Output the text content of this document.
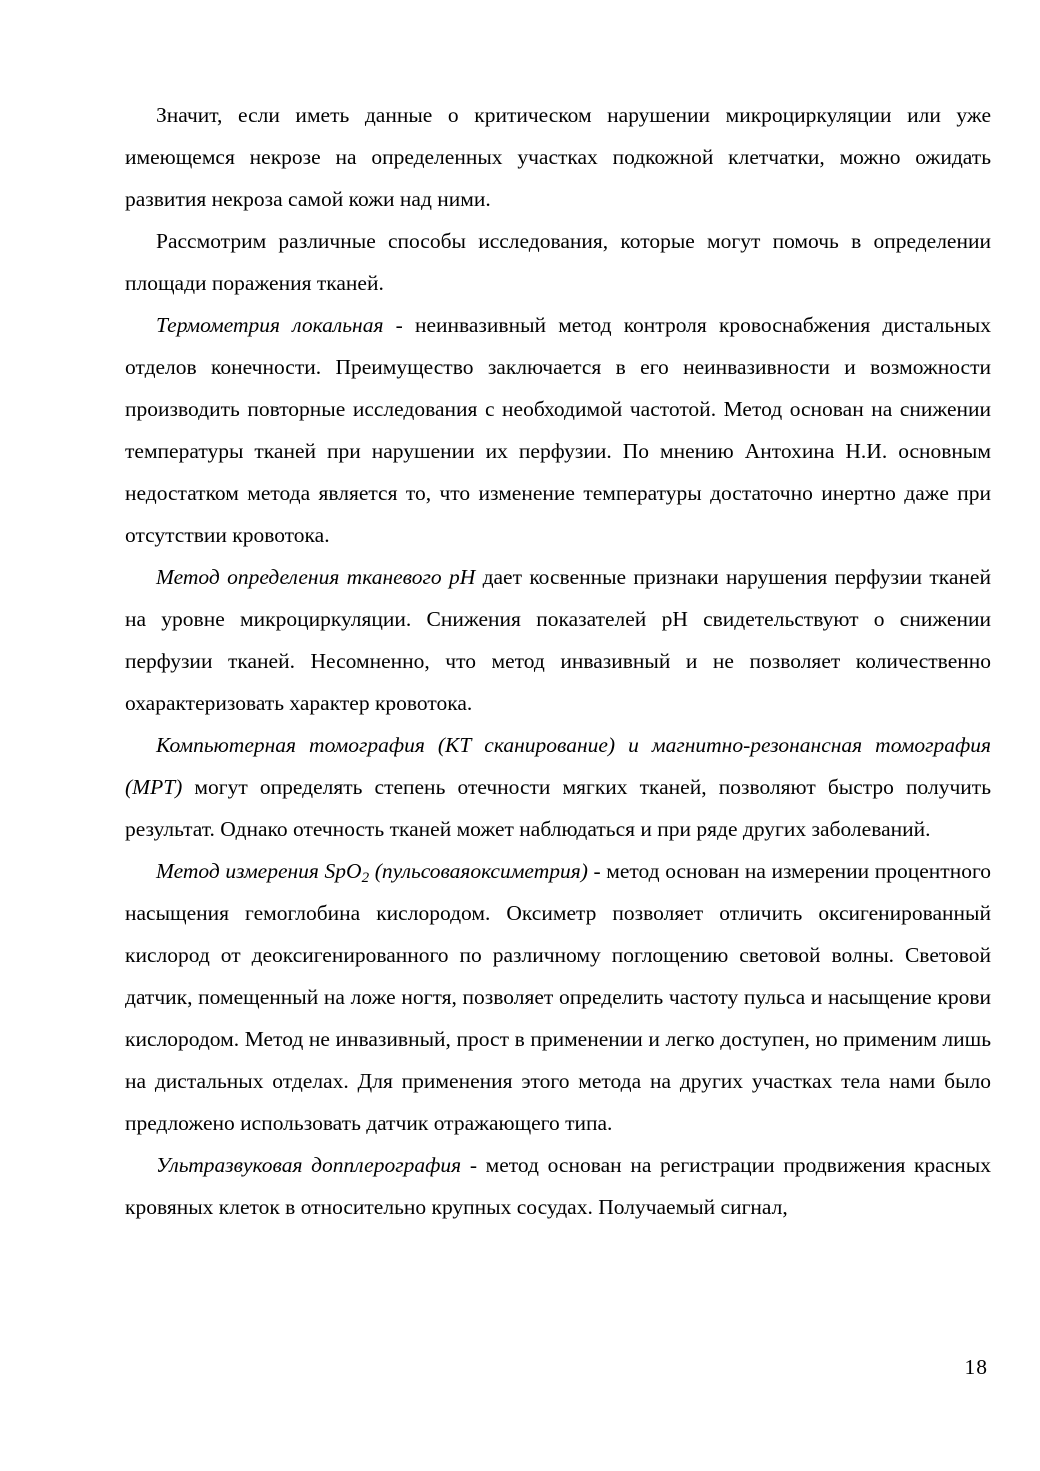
Значит, если иметь данные о критическом нарушении микроциркуляции или уже имеющемся некрозе на определенных участках подкожной клетчатки, можно ожидать развития некроза самой кожи над ними.

Рассмотрим различные способы исследования, которые могут помочь в определении площади поражения тканей.

Термометрия локальная - неинвазивный метод контроля кровоснабжения дистальных отделов конечности. Преимущество заключается в его неинвазивности и возможности производить повторные исследования с необходимой частотой. Метод основан на снижении температуры тканей при нарушении их перфузии. По мнению Антохина Н.И. основным недостатком метода является то, что изменение температуры достаточно инертно даже при отсутствии кровотока.

Метод определения тканевого pH дает косвенные признаки нарушения перфузии тканей на уровне микроциркуляции. Снижения показателей pH свидетельствуют о снижении перфузии тканей. Несомненно, что метод инвазивный и не позволяет количественно охарактеризовать характер кровотока.

Компьютерная томография (КТ сканирование) и магнитно-резонансная томография (МРТ) могут определять степень отечности мягких тканей, позволяют быстро получить результат. Однако отечность тканей может наблюдаться и при ряде других заболеваний.

Метод измерения SpO$_2$ (пульсоваяоксиметрия) - метод основан на измерении процентного насыщения гемоглобина кислородом. Оксиметр позволяет отличить оксигенированный кислород от деоксигенированного по различному поглощению световой волны. Световой датчик, помещенный на ложе ногтя, позволяет определить частоту пульса и насыщение крови кислородом. Метод не инвазивный, прост в применении и легко доступен, но применим лишь на дистальных отделах. Для применения этого метода на других участках тела нами было предложено использовать датчик отражающего типа.

Ультразвуковая допплерография - метод основан на регистрации продвижения красных кровяных клеток в относительно крупных сосудах. Получаемый сигнал,

18
